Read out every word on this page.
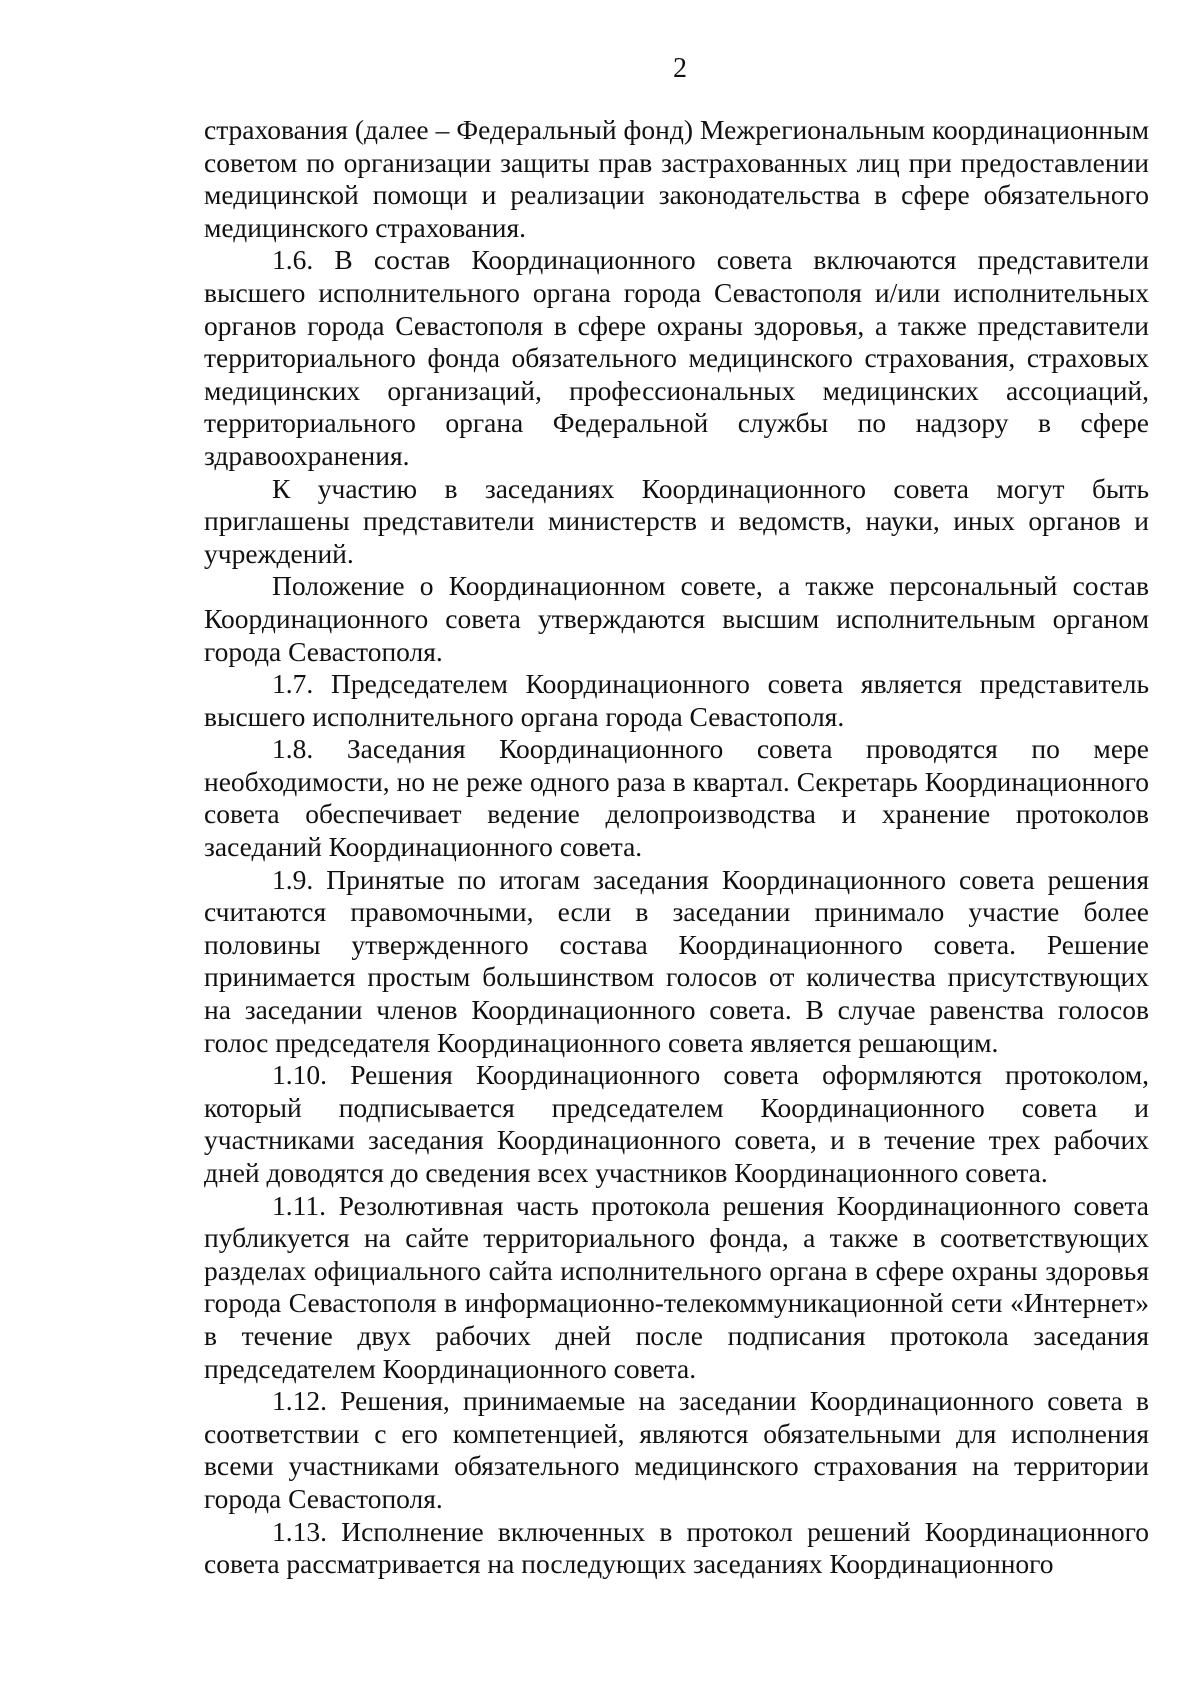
2

страхования (далее – Федеральный фонд) Межрегиональным координационным советом по организации защиты прав застрахованных лиц при предоставлении медицинской помощи и реализации законодательства в сфере обязательного медицинского страхования.

1.6. В состав Координационного совета включаются представители высшего исполнительного органа города Севастополя и/или исполнительных органов города Севастополя в сфере охраны здоровья, а также представители территориального фонда обязательного медицинского страхования, страховых медицинских организаций, профессиональных медицинских ассоциаций, территориального органа Федеральной службы по надзору в сфере здравоохранения.

К участию в заседаниях Координационного совета могут быть приглашены представители министерств и ведомств, науки, иных органов и учреждений.

Положение о Координационном совете, а также персональный состав Координационного совета утверждаются высшим исполнительным органом города Севастополя.

1.7. Председателем Координационного совета является представитель высшего исполнительного органа города Севастополя.

1.8. Заседания Координационного совета проводятся по мере необходимости, но не реже одного раза в квартал. Секретарь Координационного совета обеспечивает ведение делопроизводства и хранение протоколов заседаний Координационного совета.

1.9. Принятые по итогам заседания Координационного совета решения считаются правомочными, если в заседании принимало участие более половины утвержденного состава Координационного совета. Решение принимается простым большинством голосов от количества присутствующих на заседании членов Координационного совета. В случае равенства голосов голос председателя Координационного совета является решающим.

1.10. Решения Координационного совета оформляются протоколом, который подписывается председателем Координационного совета и участниками заседания Координационного совета, и в течение трех рабочих дней доводятся до сведения всех участников Координационного совета.

1.11. Резолютивная часть протокола решения Координационного совета публикуется на сайте территориального фонда, а также в соответствующих разделах официального сайта исполнительного органа в сфере охраны здоровья города Севастополя в информационно-телекоммуникационной сети «Интернет» в течение двух рабочих дней после подписания протокола заседания председателем Координационного совета.

1.12. Решения, принимаемые на заседании Координационного совета в соответствии с его компетенцией, являются обязательными для исполнения всеми участниками обязательного медицинского страхования на территории города Севастополя.

1.13. Исполнение включенных в протокол решений Координационного совета рассматривается на последующих заседаниях Координационного
